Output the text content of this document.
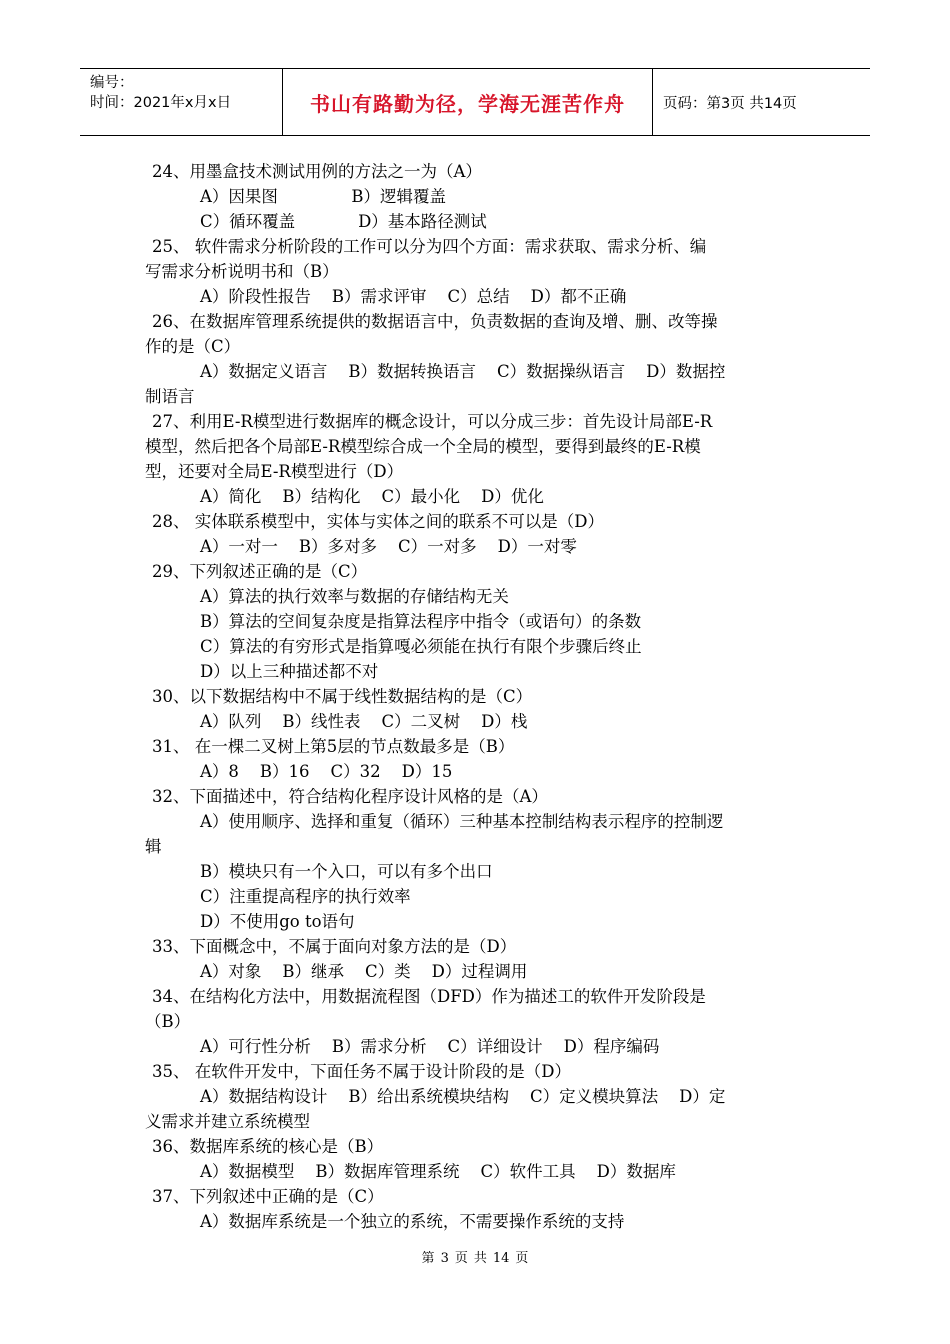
编号：
时间：2021年x月x日	书山有路勤为径，学海无涯苦作舟	页码： 第3页 共14页
24、用墨盒技术测试用例的方法之一为（A）
A）因果图              B）逻辑覆盖
C）循环覆盖            D）基本路径测试
25、 软件需求分析阶段的工作可以分为四个方面：需求获取、需求分析、编
写需求分析说明书和（B）
A）阶段性报告    B）需求评审    C）总结    D）都不正确
26、在数据库管理系统提供的数据语言中，负责数据的查询及增、删、改等操
作的是（C）
A）数据定义语言    B）数据转换语言    C）数据操纵语言    D）数据控
制语言
27、利用E-R模型进行数据库的概念设计，可以分成三步：首先设计局部E-R
模型，然后把各个局部E-R模型综合成一个全局的模型，要得到最终的E-R模
型，还要对全局E-R模型进行（D）
A）简化    B）结构化    C）最小化    D）优化
28、 实体联系模型中，实体与实体之间的联系不可以是（D）
A）一对一    B）多对多    C）一对多    D）一对零
29、下列叙述正确的是（C）
A）算法的执行效率与数据的存储结构无关
B）算法的空间复杂度是指算法程序中指令（或语句）的条数
C）算法的有穷形式是指算嘎必须能在执行有限个步骤后终止
D）以上三种描述都不对
30、以下数据结构中不属于线性数据结构的是（C）
A）队列    B）线性表    C）二叉树    D）栈
31、 在一棵二叉树上第5层的节点数最多是（B）
A）8    B）16    C）32    D）15
32、下面描述中，符合结构化程序设计风格的是（A）
A）使用顺序、选择和重复（循环）三种基本控制结构表示程序的控制逻
辑
B）模块只有一个入口，可以有多个出口
C）注重提高程序的执行效率
D）不使用go to语句
33、下面概念中，不属于面向对象方法的是（D）
A）对象    B）继承    C）类    D）过程调用
34、在结构化方法中，用数据流程图（DFD）作为描述工的软件开发阶段是
（B）
A）可行性分析    B）需求分析    C）详细设计    D）程序编码
35、 在软件开发中，下面任务不属于设计阶段的是（D）
A）数据结构设计    B）给出系统模块结构    C）定义模块算法    D）定
义需求并建立系统模型
36、数据库系统的核心是（B）
A）数据模型    B）数据库管理系统    C）软件工具    D）数据库
37、下列叙述中正确的是（C）
A）数据库系统是一个独立的系统，不需要操作系统的支持
第 3 页 共 14 页
